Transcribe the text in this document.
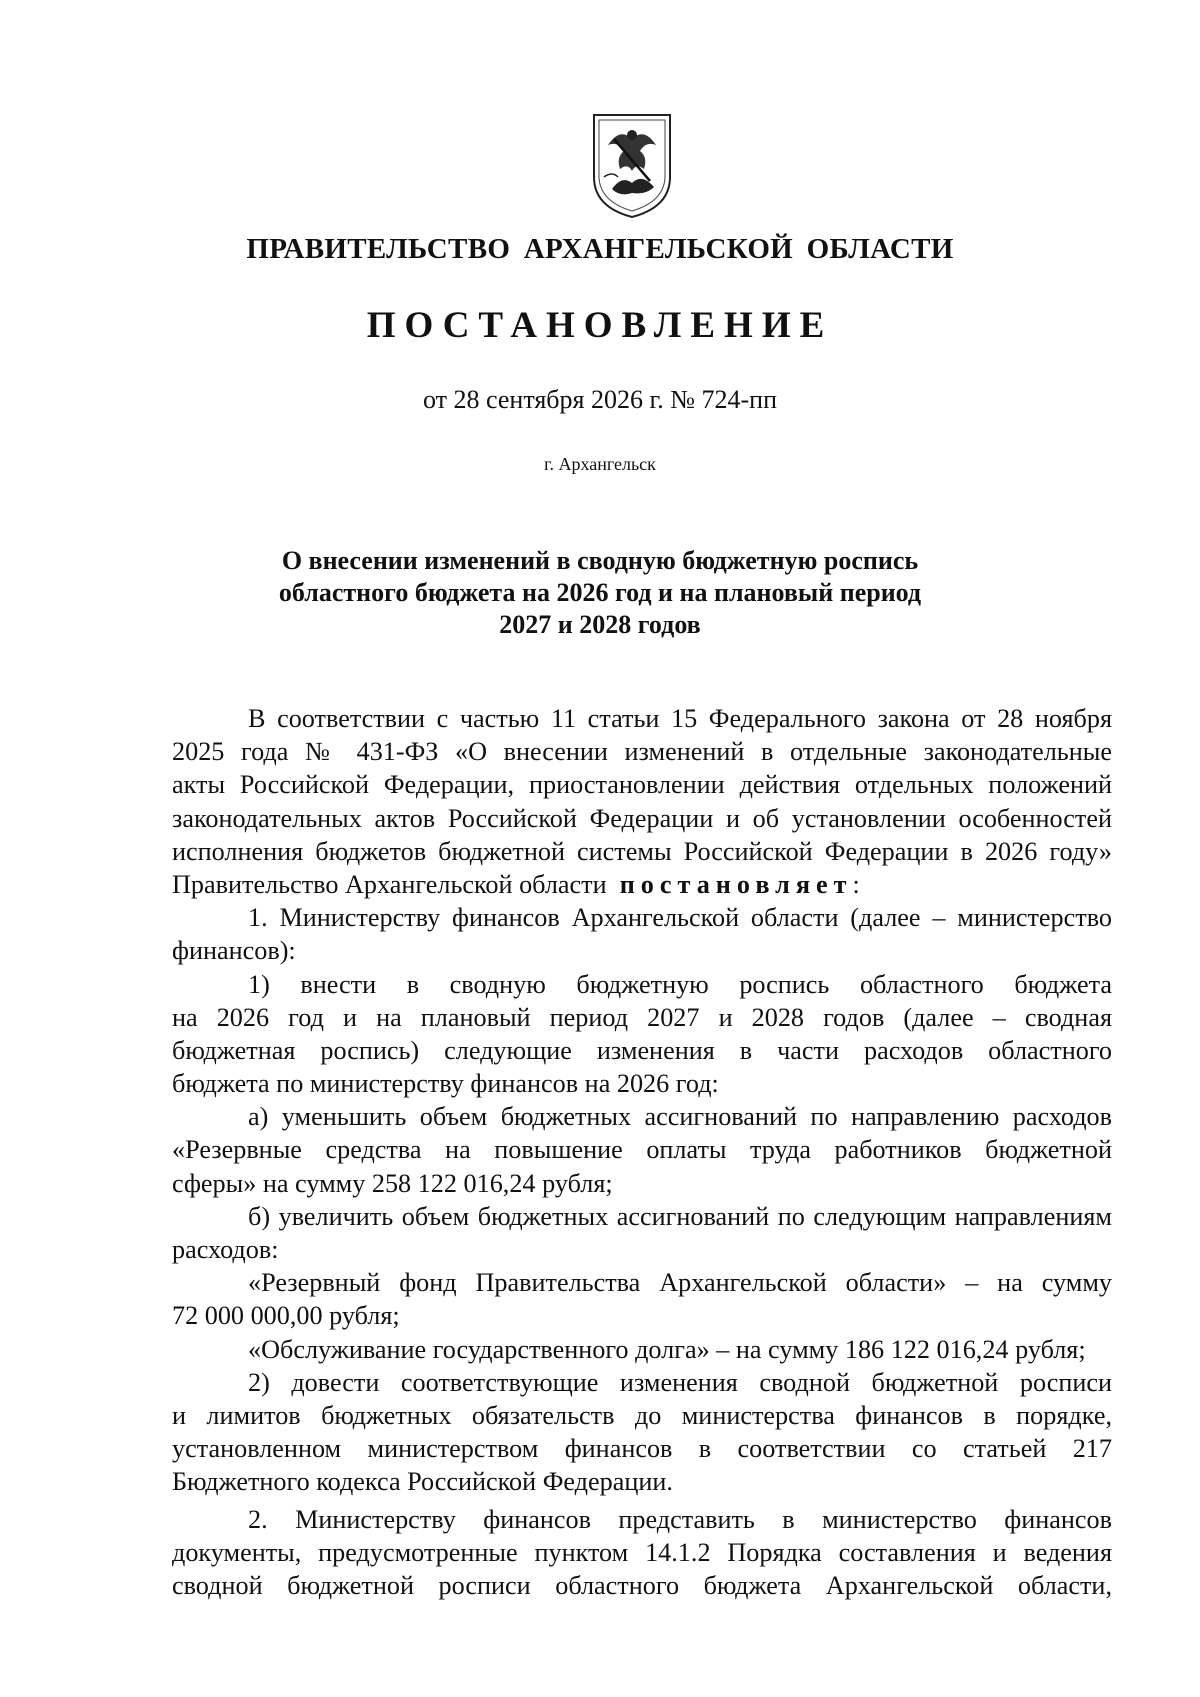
ПРАВИТЕЛЬСТВО АРХАНГЕЛЬСКОЙ ОБЛАСТИ
ПОСТАНОВЛЕНИЕ
от 28 сентября 2026 г. № 724-пп
г. Архангельск
О внесении изменений в сводную бюджетную роспись
областного бюджета на 2026 год и на плановый период
2027 и 2028 годов
В соответствии с частью 11 статьи 15 Федерального закона от 28 ноября
2025 года № 431-ФЗ «О внесении изменений в отдельные законодательные
акты Российской Федерации, приостановлении действия отдельных положений
законодательных актов Российской Федерации и об установлении особенностей
исполнения бюджетов бюджетной системы Российской Федерации в 2026 году»
Правительство Архангельской области постановляет:
1. Министерству финансов Архангельской области (далее – министерство
финансов):
1) внести в сводную бюджетную роспись областного бюджета
на 2026 год и на плановый период 2027 и 2028 годов (далее – сводная
бюджетная роспись) следующие изменения в части расходов областного
бюджета по министерству финансов на 2026 год:
а) уменьшить объем бюджетных ассигнований по направлению расходов
«Резервные средства на повышение оплаты труда работников бюджетной
сферы» на сумму 258 122 016,24 рубля;
б) увеличить объем бюджетных ассигнований по следующим направлениям
расходов:
«Резервный фонд Правительства Архангельской области» – на сумму
72 000 000,00 рубля;
«Обслуживание государственного долга» – на сумму 186 122 016,24 рубля;
2) довести соответствующие изменения сводной бюджетной росписи
и лимитов бюджетных обязательств до министерства финансов в порядке,
установленном министерством финансов в соответствии со статьей 217
Бюджетного кодекса Российской Федерации.
2. Министерству финансов представить в министерство финансов
документы, предусмотренные пунктом 14.1.2 Порядка составления и ведения
сводной бюджетной росписи областного бюджета Архангельской области,
